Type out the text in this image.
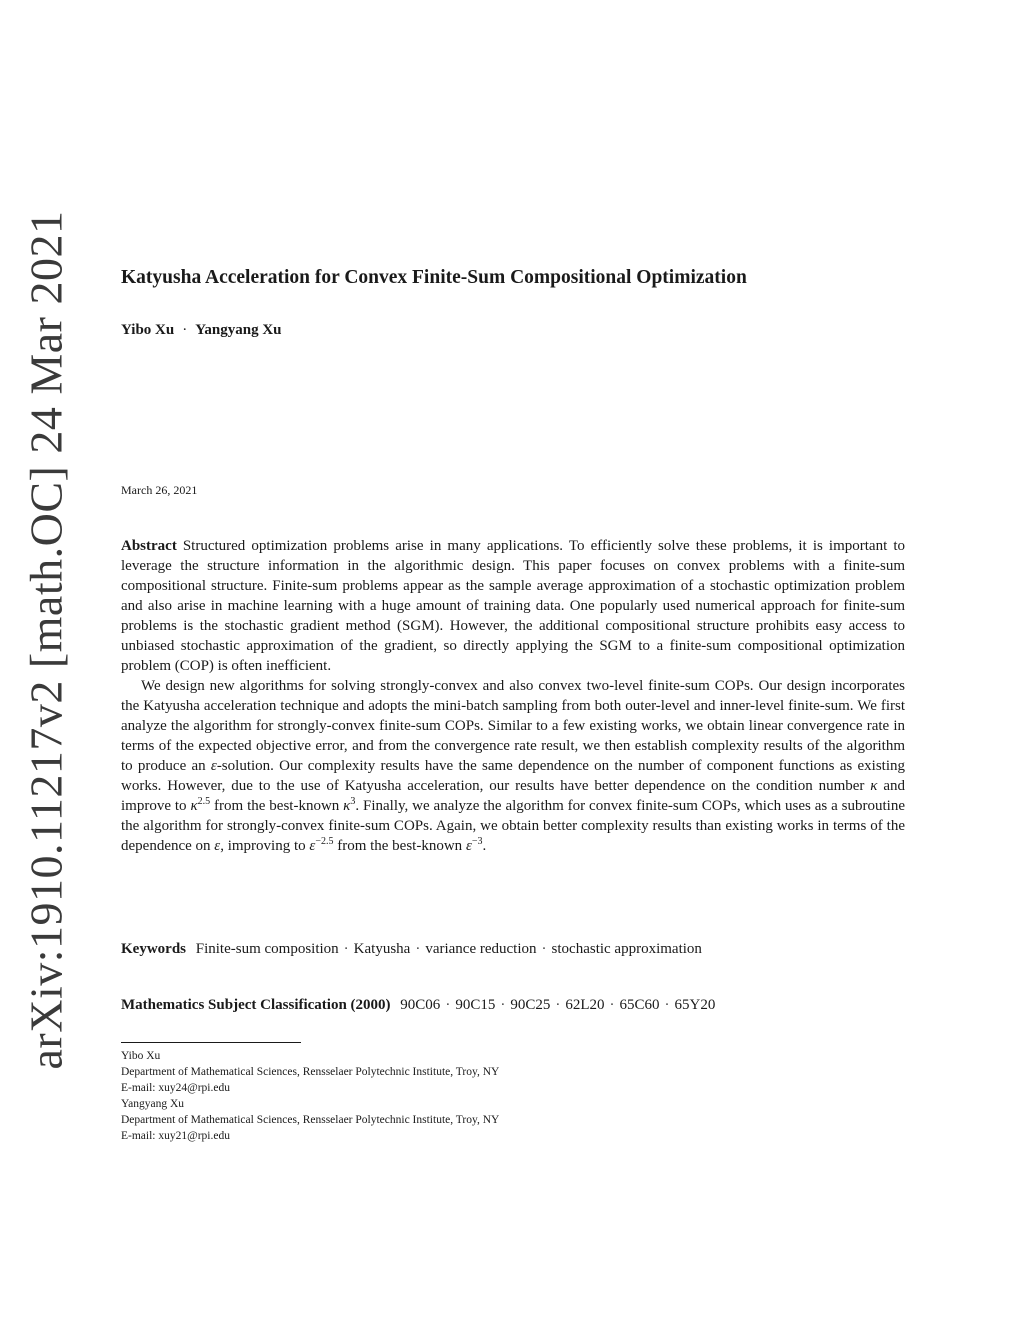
arXiv:1910.11217v2 [math.OC] 24 Mar 2021	Katyusha Acceleration for Convex Finite-Sum Compositional Optimization

Yibo Xu · Yangyang Xu

March 26, 2021

Abstract Structured optimization problems arise in many applications. To efficiently solve these problems, it is important to leverage the structure information in the algorithmic design. This paper focuses on convex problems with a finite-sum compositional structure. Finite-sum problems appear as the sample average approximation of a stochastic optimization problem and also arise in machine learning with a huge amount of training data. One popularly used numerical approach for finite-sum problems is the stochastic gradient method (SGM). However, the additional compositional structure prohibits easy access to unbiased stochastic approximation of the gradient, so directly applying the SGM to a finite-sum compositional optimization problem (COP) is often inefficient.

We design new algorithms for solving strongly-convex and also convex two-level finite-sum COPs. Our design incorporates the Katyusha acceleration technique and adopts the mini-batch sampling from both outer-level and inner-level finite-sum. We first analyze the algorithm for strongly-convex finite-sum COPs. Similar to a few existing works, we obtain linear convergence rate in terms of the expected objective error, and from the convergence rate result, we then establish complexity results of the algorithm to produce an ε-solution. Our complexity results have the same dependence on the number of component functions as existing works. However, due to the use of Katyusha acceleration, our results have better dependence on the condition number κ and improve to $\kappa^{2.5}$ from the best-known $\kappa^3$. Finally, we analyze the algorithm for convex finite-sum COPs, which uses as a subroutine the algorithm for strongly-convex finite-sum COPs. Again, we obtain better complexity results than existing works in terms of the dependence on ε, improving to $\varepsilon^{-2.5}$ from the best-known $\varepsilon^{-3}$.

Keywords Finite-sum composition · Katyusha · variance reduction · stochastic approximation

Mathematics Subject Classification (2000) 90C06 · 90C15 · 90C25 · 62L20 · 65C60 · 65Y20

Yibo Xu
Department of Mathematical Sciences, Rensselaer Polytechnic Institute, Troy, NY
E-mail: xuy24@rpi.edu
Yangyang Xu
Department of Mathematical Sciences, Rensselaer Polytechnic Institute, Troy, NY
E-mail: xuy21@rpi.edu
